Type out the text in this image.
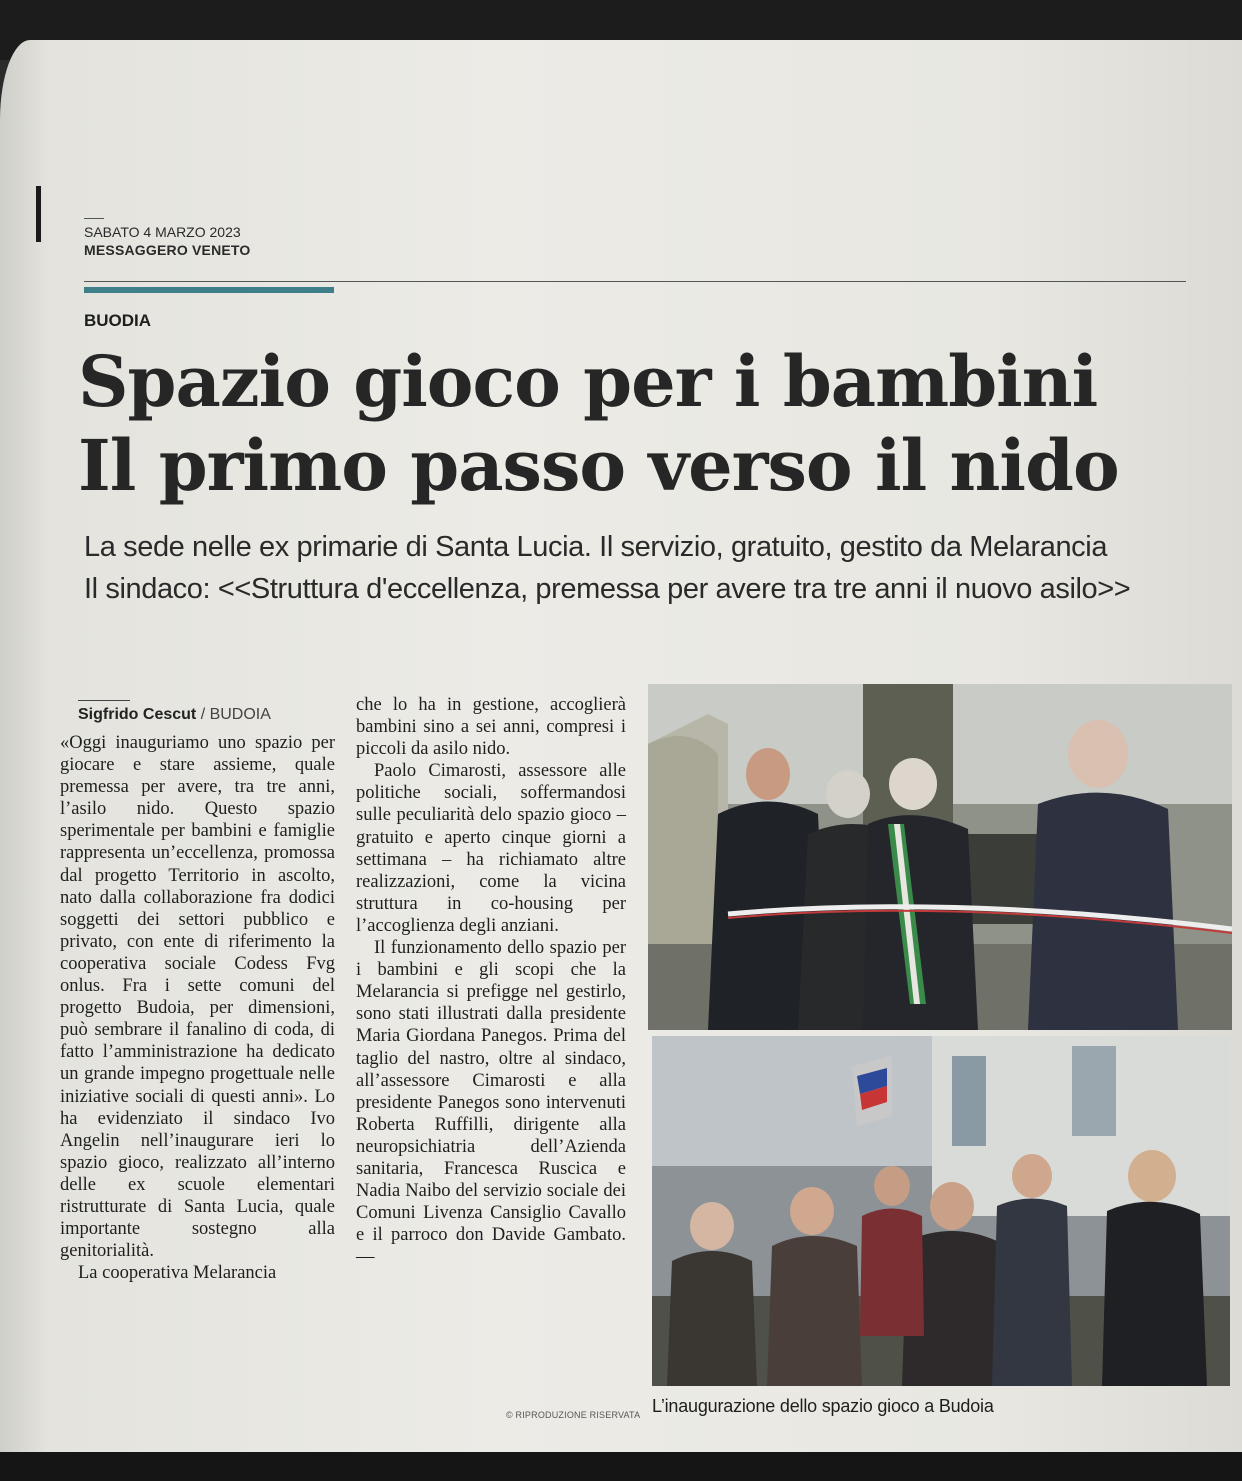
SABATO 4 MARZO 2023
MESSAGGERO VENETO
BUODIA
Spazio gioco per i bambini
Il primo passo verso il nido
La sede nelle ex primarie di Santa Lucia. Il servizio, gratuito, gestito da Melarancia
Il sindaco: <<Struttura d'eccellenza, premessa per avere tra tre anni il nuovo asilo>>
Sigfrido Cescut / BUDOIA

«Oggi inauguriamo uno spazio per giocare e stare assieme, quale premessa per avere, tra tre anni, l’asilo nido. Questo spazio sperimentale per bambini e famiglie rappresenta un’eccellenza, promossa dal progetto Territorio in ascolto, nato dalla collaborazione fra dodici soggetti dei settori pubblico e privato, con ente di riferimento la cooperativa sociale Codess Fvg onlus. Fra i sette comuni del progetto Budoia, per dimensioni, può sembrare il fanalino di coda, di fatto l’amministrazione ha dedicato un grande impegno progettuale nelle iniziative sociali di questi anni». Lo ha evidenziato il sindaco Ivo Angelin nell’inaugurare ieri lo spazio gioco, realizzato all’interno delle ex scuole elementari ristrutturate di Santa Lucia, quale importante sostegno alla genitorialità.

La cooperativa Melarancia

che lo ha in gestione, accoglierà bambini sino a sei anni, compresi i piccoli da asilo nido.

Paolo Cimarosti, assessore alle politiche sociali, soffermandosi sulle peculiarità delo spazio gioco – gratuito e aperto cinque giorni a settimana – ha richiamato altre realizzazioni, come la vicina struttura in co-housing per l’accoglienza degli anziani.

Il funzionamento dello spazio per i bambini e gli scopi che la Melarancia si prefigge nel gestirlo, sono stati illustrati dalla presidente Maria Giordana Panegos. Prima del taglio del nastro, oltre al sindaco, all’assessore Cimarosti e alla presidente Panegos sono intervenuti Roberta Ruffilli, dirigente alla neuropsichiatria dell’Azienda sanitaria, Francesca Ruscica e Nadia Naibo del servizio sociale dei Comuni Livenza Cansiglio Cavallo e il parroco don Davide Gambato. —

© RIPRODUZIONE RISERVATA L’inaugurazione dello spazio gioco a Budoia
